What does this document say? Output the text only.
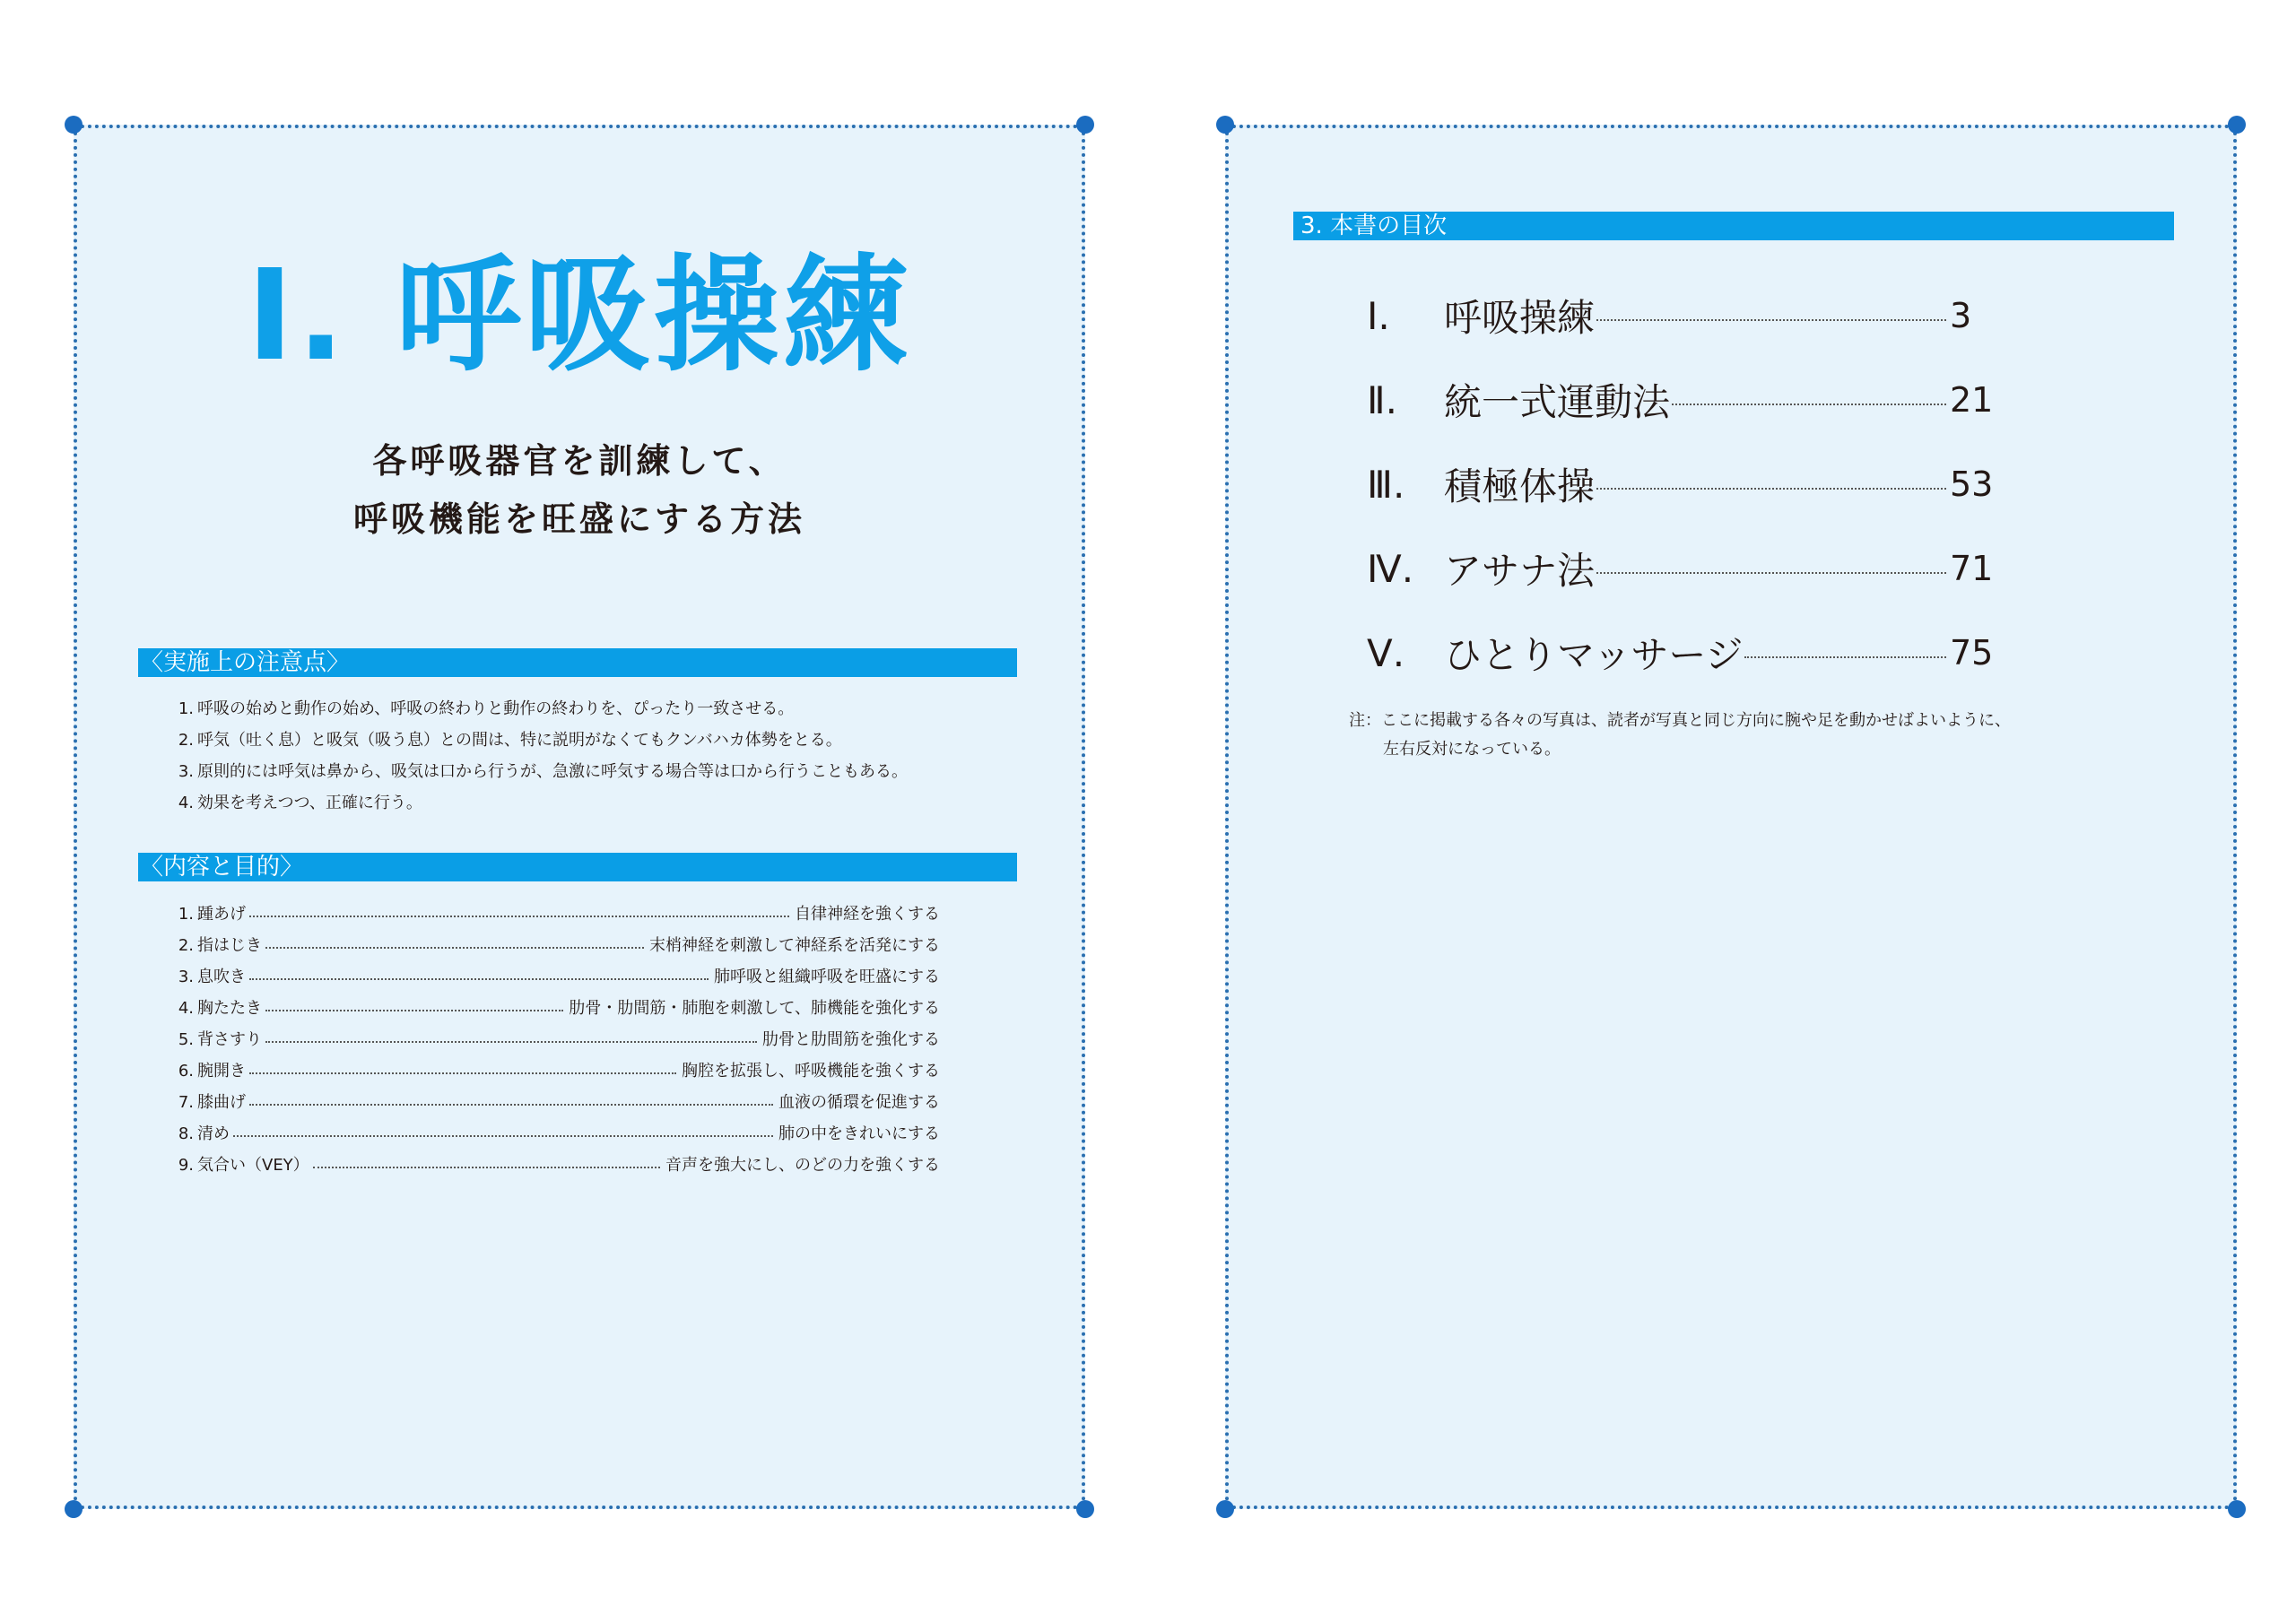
Ⅰ. 呼吸操練
各呼吸器官を訓練して、
呼吸機能を旺盛にする方法
〈実施上の注意点〉
1. 呼吸の始めと動作の始め、呼吸の終わりと動作の終わりを、ぴったり一致させる。
2. 呼気（吐く息）と吸気（吸う息）との間は、特に説明がなくてもクンバハカ体勢をとる。
3. 原則的には呼気は鼻から、吸気は口から行うが、急激に呼気する場合等は口から行うこともある。
4. 効果を考えつつ、正確に行う。
〈内容と目的〉
1. 踵あげ	自律神経を強くする
2. 指はじき	末梢神経を刺激して神経系を活発にする
3. 息吹き	肺呼吸と組織呼吸を旺盛にする
4. 胸たたき	肋骨・肋間筋・肺胞を刺激して、肺機能を強化する
5. 背さすり	肋骨と肋間筋を強化する
6. 腕開き	胸腔を拡張し、呼吸機能を強くする
7. 膝曲げ	血液の循環を促進する
8. 清め	肺の中をきれいにする
9. 気合い（VEY）	音声を強大にし、のどの力を強くする
3. 本書の目次
Ⅰ.	呼吸操練	3
Ⅱ.	統一式運動法	21
Ⅲ.	積極体操	53
Ⅳ. アサナ法	71
Ⅴ.	ひとりマッサージ	75
注：ここに掲載する各々の写真は、読者が写真と同じ方向に腕や足を動かせばよいように、
左右反対になっている。
